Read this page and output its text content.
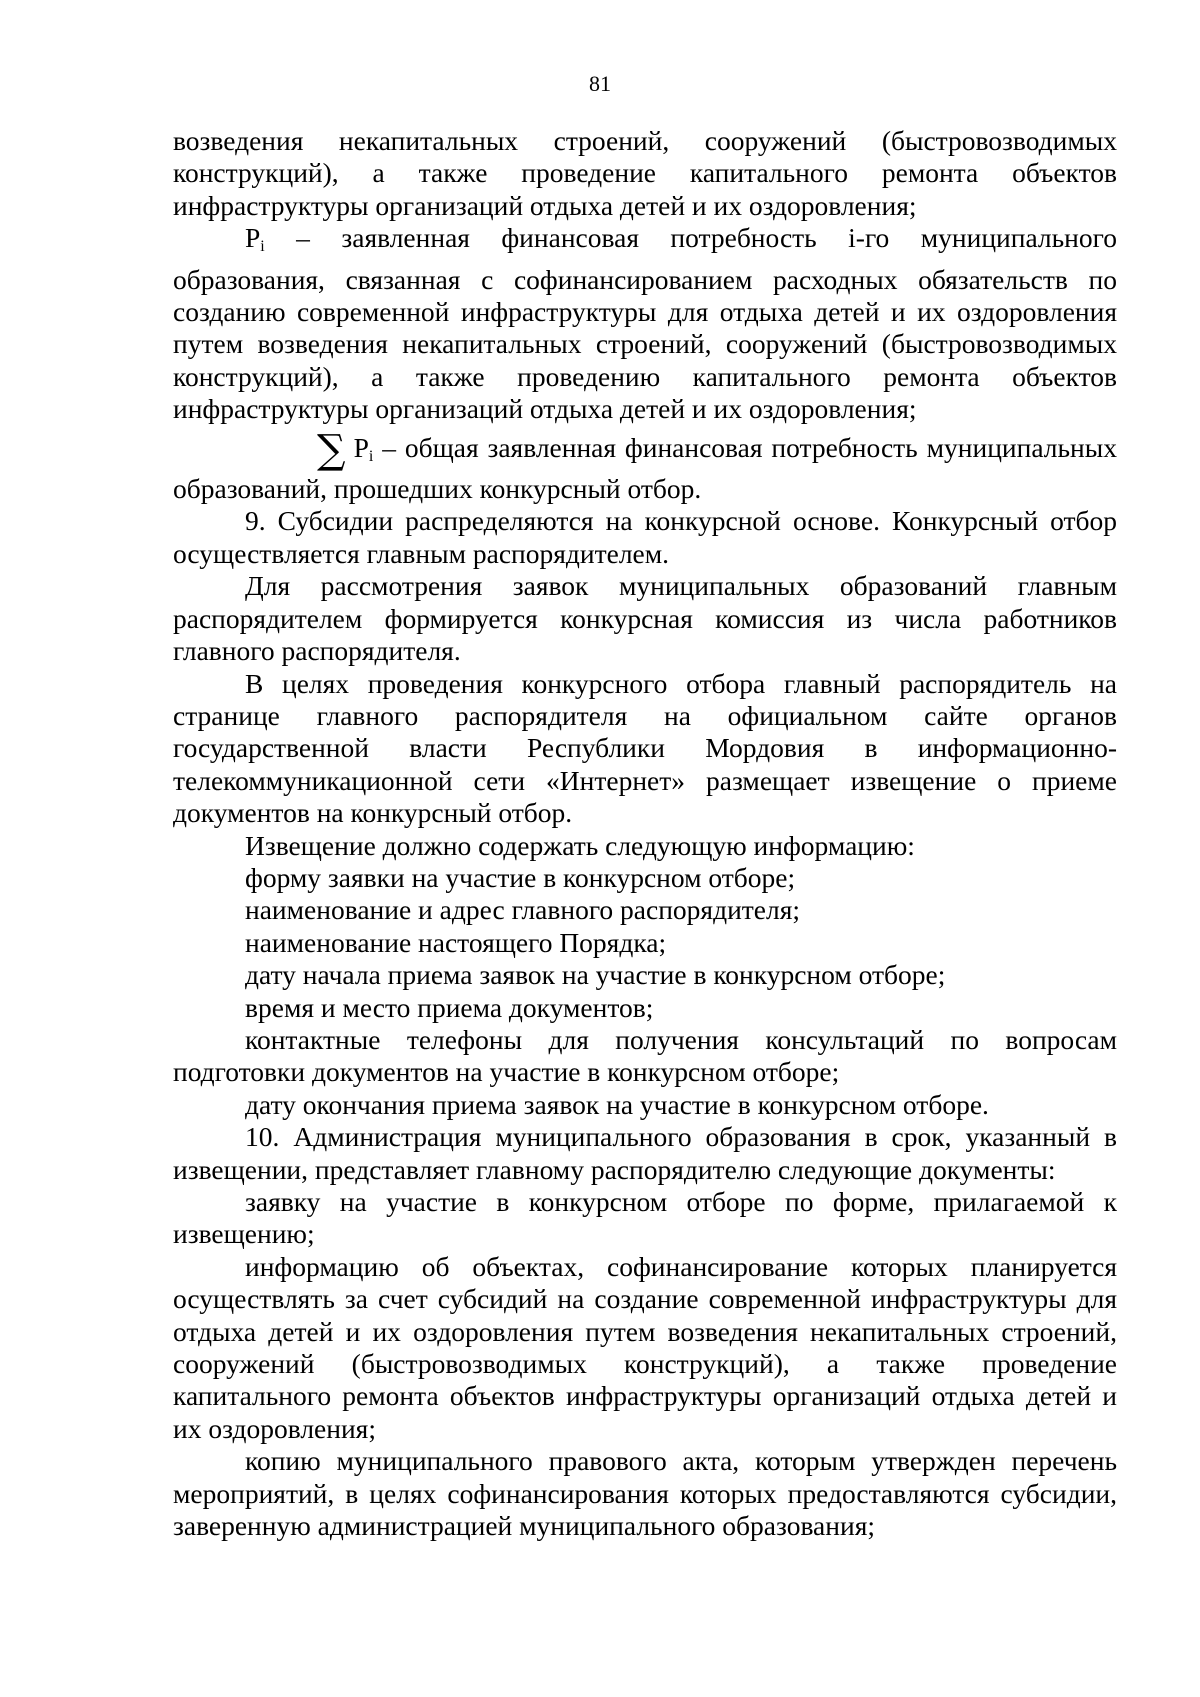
81

возведения некапитальных строений, сооружений (быстровозводимых конструкций), а также проведение капитального ремонта объектов инфраструктуры организаций отдыха детей и их оздоровления;

$P_i$ – заявленная финансовая потребность i-го муниципального образования, связанная с софинансированием расходных обязательств по созданию современной инфраструктуры для отдыха детей и их оздоровления путем возведения некапитальных строений, сооружений (быстровозводимых конструкций), а также проведению капитального ремонта объектов инфраструктуры организаций отдыха детей и их оздоровления;

∑ $P_i$ – общая заявленная финансовая потребность муниципальных образований, прошедших конкурсный отбор.

9. Субсидии распределяются на конкурсной основе. Конкурсный отбор осуществляется главным распорядителем.

Для рассмотрения заявок муниципальных образований главным распорядителем формируется конкурсная комиссия из числа работников главного распорядителя.

В целях проведения конкурсного отбора главный распорядитель на странице главного распорядителя на официальном сайте органов государственной власти Республики Мордовия в информационно-телекоммуникационной сети «Интернет» размещает извещение о приеме документов на конкурсный отбор.

Извещение должно содержать следующую информацию:

форму заявки на участие в конкурсном отборе;

наименование и адрес главного распорядителя;

наименование настоящего Порядка;

дату начала приема заявок на участие в конкурсном отборе;

время и место приема документов;

контактные телефоны для получения консультаций по вопросам подготовки документов на участие в конкурсном отборе;

дату окончания приема заявок на участие в конкурсном отборе.

10. Администрация муниципального образования в срок, указанный в извещении, представляет главному распорядителю следующие документы:

заявку на участие в конкурсном отборе по форме, прилагаемой к извещению;

информацию об объектах, софинансирование которых планируется осуществлять за счет субсидий на создание современной инфраструктуры для отдыха детей и их оздоровления путем возведения некапитальных строений, сооружений (быстровозводимых конструкций), а также проведение капитального ремонта объектов инфраструктуры организаций отдыха детей и их оздоровления;

копию муниципального правового акта, которым утвержден перечень мероприятий, в целях софинансирования которых предоставляются субсидии, заверенную администрацией муниципального образования;
